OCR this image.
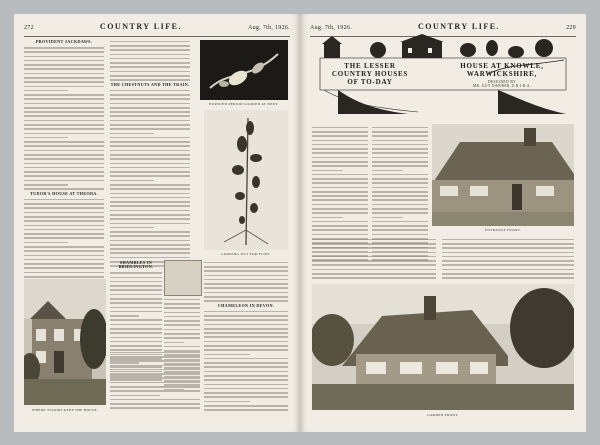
272	COUNTRY LIFE.	Aug. 7th, 1926.
PROVIDENT JACKDAWS.
TUDOR'S HOUSE AT THEODA.
THE CHESTNUTS AND THE TRAIN.
PURSUED PERIOD LOOKED AT NEXT.
LOOKING OUT FOR FLIES.
SHAMBLES IN BRIDLINGTON.
CHAMELEON IN DEVON.
WHERE TUDORS KEEP THE HOUSE.
Aug. 7th, 1926.	COUNTRY LIFE.	229
THE LESSER
COUNTRY HOUSES
OF TO-DAY
HOUSE AT KNOWLE,
WARWICKSHIRE,
DESIGNED BY
MR. GUY DAWBER, F.R.I.B.A.
ENTRANCE FRONT.
GARDEN FRONT.
